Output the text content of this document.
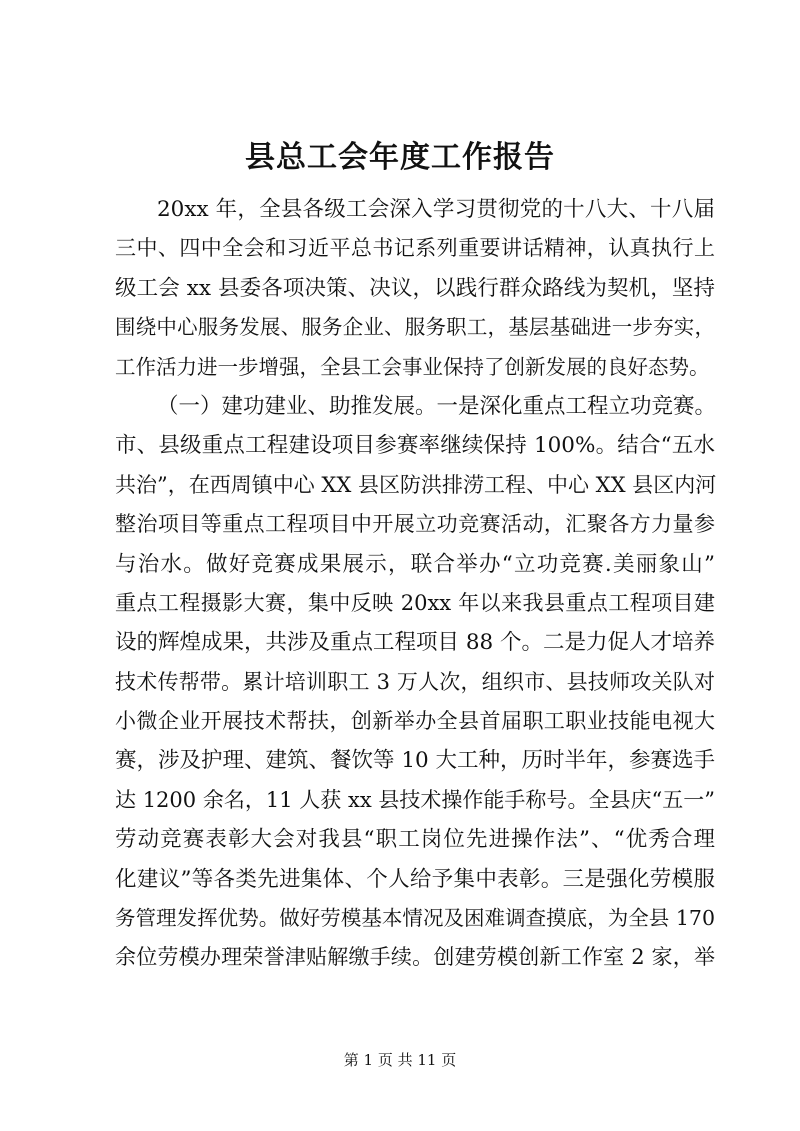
县总工会年度工作报告
20xx 年，全县各级工会深入学习贯彻党的十八大、十八届
三中、四中全会和习近平总书记系列重要讲话精神，认真执行上
级工会 xx 县委各项决策、决议，以践行群众路线为契机，坚持
围绕中心服务发展、服务企业、服务职工，基层基础进一步夯实，
工作活力进一步增强，全县工会事业保持了创新发展的良好态势。
（一）建功建业、助推发展。一是深化重点工程立功竞赛。
市、县级重点工程建设项目参赛率继续保持 100%。结合“五水
共治”，在西周镇中心 XX 县区防洪排涝工程、中心 XX 县区内河
整治项目等重点工程项目中开展立功竞赛活动，汇聚各方力量参
与治水。做好竞赛成果展示，联合举办“立功竞赛.美丽象山”
重点工程摄影大赛，集中反映 20xx 年以来我县重点工程项目建
设的辉煌成果，共涉及重点工程项目 88 个。二是力促人才培养
技术传帮带。累计培训职工 3 万人次，组织市、县技师攻关队对
小微企业开展技术帮扶，创新举办全县首届职工职业技能电视大
赛，涉及护理、建筑、餐饮等 10 大工种，历时半年，参赛选手
达 1200 余名，11 人获 xx 县技术操作能手称号。全县庆“五一”
劳动竞赛表彰大会对我县“职工岗位先进操作法”、“优秀合理
化建议”等各类先进集体、个人给予集中表彰。三是强化劳模服
务管理发挥优势。做好劳模基本情况及困难调查摸底，为全县 170
余位劳模办理荣誉津贴解缴手续。创建劳模创新工作室 2 家，举
第 1 页 共 11 页
